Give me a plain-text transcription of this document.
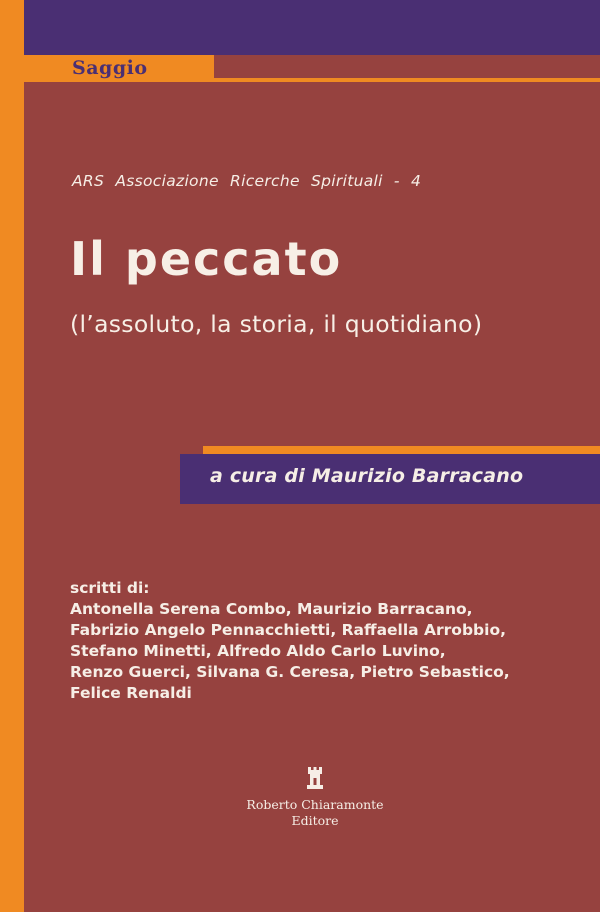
Saggio
ARS Associazione Ricerche Spirituali - 4
Il peccato
(l’assoluto, la storia, il quotidiano)
a cura di Maurizio Barracano
scritti di:
Antonella Serena Combo, Maurizio Barracano,
Fabrizio Angelo Pennacchietti, Raffaella Arrobbio,
Stefano Minetti, Alfredo Aldo Carlo Luvino,
Renzo Guerci, Silvana G. Ceresa, Pietro Sebastico,
Felice Renaldi
Roberto Chiaramonte
Editore
